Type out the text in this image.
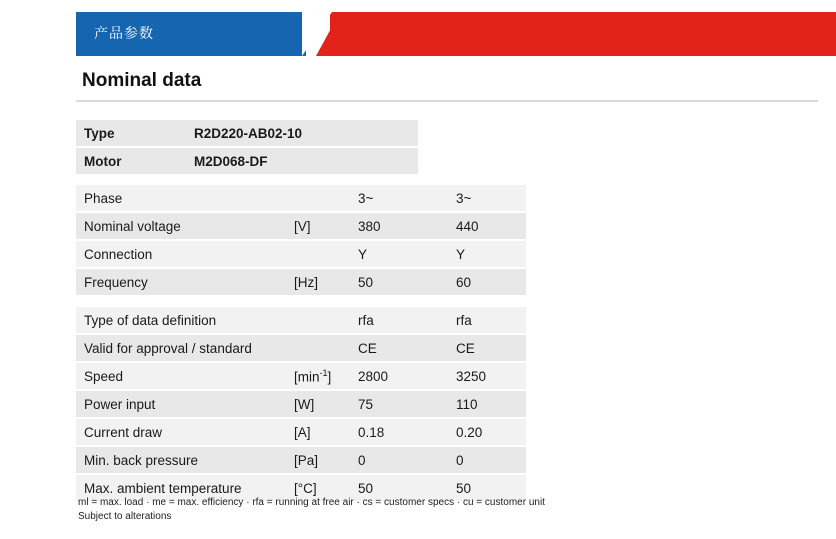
产品参数
Nominal data
Type	R2D220-AB02-10
Motor	M2D068-DF
Phase		3~	3~
Nominal voltage	[V]	380	440
Connection		Y	Y
Frequency	[Hz]	50	60

Type of data definition		rfa	rfa
Valid for approval / standard		CE	CE
Speed	$[\min^{-1}]$	2800	3250
Power input	[W]	75	110
Current draw	[A]	0.18	0.20
Min. back pressure	[Pa]	0	0
Max. ambient temperature	[°C]	50	50
ml = max. load · me = max. efficiency · rfa = running at free air · cs = customer specs · cu = customer unit
Subject to alterations
